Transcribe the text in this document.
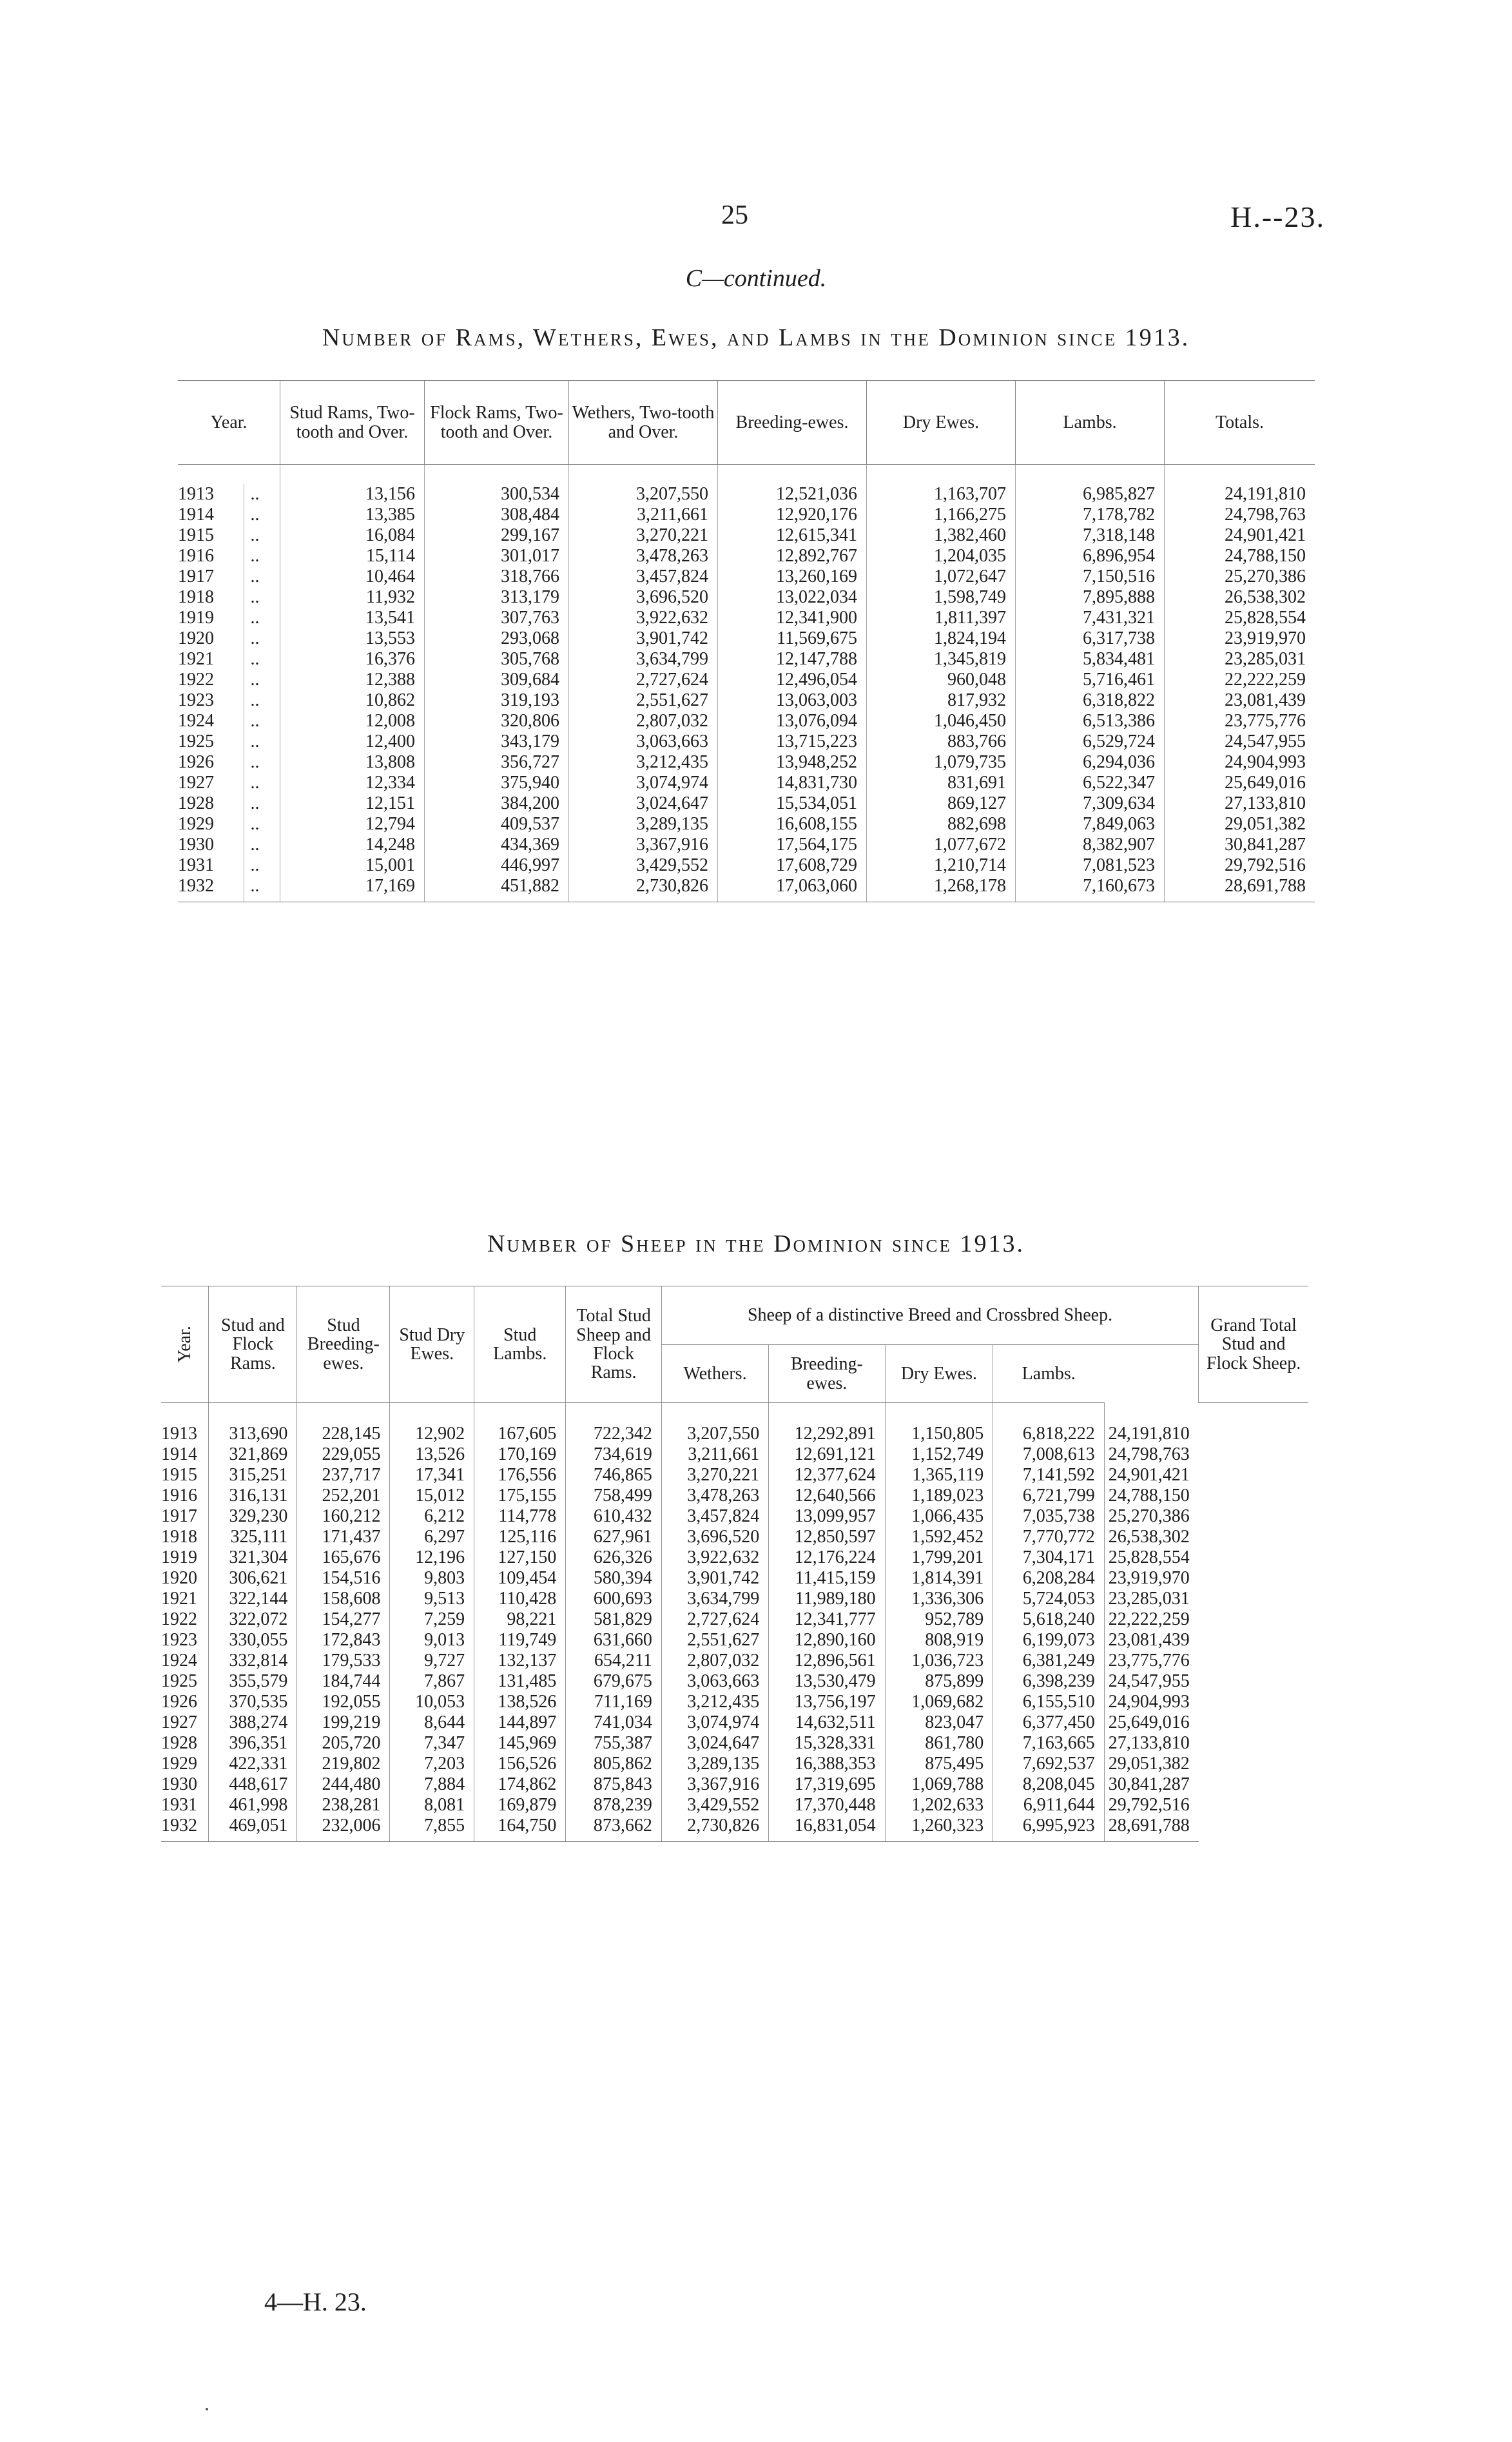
25	H.--23.
C—continued.
Number of Rams, Wethers, Ewes, and Lambs in the Dominion since 1913.
Year.		Stud Rams, Two-tooth and Over.	Flock Rams, Two-tooth and Over.	Wethers, Two-tooth and Over.	Breeding-ewes.	Dry Ewes.	Lambs.	Totals.

1913	..	13,156	300,534	3,207,550	12,521,036	1,163,707	6,985,827	24,191,810
1914	..	13,385	308,484	3,211,661	12,920,176	1,166,275	7,178,782	24,798,763
1915	..	16,084	299,167	3,270,221	12,615,341	1,382,460	7,318,148	24,901,421
1916	..	15,114	301,017	3,478,263	12,892,767	1,204,035	6,896,954	24,788,150
1917	..	10,464	318,766	3,457,824	13,260,169	1,072,647	7,150,516	25,270,386
1918	..	11,932	313,179	3,696,520	13,022,034	1,598,749	7,895,888	26,538,302
1919	..	13,541	307,763	3,922,632	12,341,900	1,811,397	7,431,321	25,828,554
1920	..	13,553	293,068	3,901,742	11,569,675	1,824,194	6,317,738	23,919,970
1921	..	16,376	305,768	3,634,799	12,147,788	1,345,819	5,834,481	23,285,031
1922	..	12,388	309,684	2,727,624	12,496,054	960,048	5,716,461	22,222,259
1923	..	10,862	319,193	2,551,627	13,063,003	817,932	6,318,822	23,081,439
1924	..	12,008	320,806	2,807,032	13,076,094	1,046,450	6,513,386	23,775,776
1925	..	12,400	343,179	3,063,663	13,715,223	883,766	6,529,724	24,547,955
1926	..	13,808	356,727	3,212,435	13,948,252	1,079,735	6,294,036	24,904,993
1927	..	12,334	375,940	3,074,974	14,831,730	831,691	6,522,347	25,649,016
1928	..	12,151	384,200	3,024,647	15,534,051	869,127	7,309,634	27,133,810
1929	..	12,794	409,537	3,289,135	16,608,155	882,698	7,849,063	29,051,382
1930	..	14,248	434,369	3,367,916	17,564,175	1,077,672	8,382,907	30,841,287
1931	..	15,001	446,997	3,429,552	17,608,729	1,210,714	7,081,523	29,792,516
1932	..	17,169	451,882	2,730,826	17,063,060	1,268,178	7,160,673	28,691,788
Number of Sheep in the Dominion since 1913.
Year.	Stud and Flock Rams.	Stud Breeding-ewes.	Stud Dry Ewes.	Stud Lambs.	Total Stud Sheep and Flock Rams.	Sheep of a distinctive Breed and Crossbred Sheep.					Grand Total Stud and Flock Sheep.
						Wethers.	Breeding-ewes.	Dry Ewes.	Lambs.		

1913	313,690	228,145	12,902	167,605	722,342	3,207,550	12,292,891	1,150,805	6,818,222	24,191,810	
1914	321,869	229,055	13,526	170,169	734,619	3,211,661	12,691,121	1,152,749	7,008,613	24,798,763	
1915	315,251	237,717	17,341	176,556	746,865	3,270,221	12,377,624	1,365,119	7,141,592	24,901,421	
1916	316,131	252,201	15,012	175,155	758,499	3,478,263	12,640,566	1,189,023	6,721,799	24,788,150	
1917	329,230	160,212	6,212	114,778	610,432	3,457,824	13,099,957	1,066,435	7,035,738	25,270,386	
1918	325,111	171,437	6,297	125,116	627,961	3,696,520	12,850,597	1,592,452	7,770,772	26,538,302	
1919	321,304	165,676	12,196	127,150	626,326	3,922,632	12,176,224	1,799,201	7,304,171	25,828,554	
1920	306,621	154,516	9,803	109,454	580,394	3,901,742	11,415,159	1,814,391	6,208,284	23,919,970	
1921	322,144	158,608	9,513	110,428	600,693	3,634,799	11,989,180	1,336,306	5,724,053	23,285,031	
1922	322,072	154,277	7,259	98,221	581,829	2,727,624	12,341,777	952,789	5,618,240	22,222,259	
1923	330,055	172,843	9,013	119,749	631,660	2,551,627	12,890,160	808,919	6,199,073	23,081,439	
1924	332,814	179,533	9,727	132,137	654,211	2,807,032	12,896,561	1,036,723	6,381,249	23,775,776	
1925	355,579	184,744	7,867	131,485	679,675	3,063,663	13,530,479	875,899	6,398,239	24,547,955	
1926	370,535	192,055	10,053	138,526	711,169	3,212,435	13,756,197	1,069,682	6,155,510	24,904,993	
1927	388,274	199,219	8,644	144,897	741,034	3,074,974	14,632,511	823,047	6,377,450	25,649,016	
1928	396,351	205,720	7,347	145,969	755,387	3,024,647	15,328,331	861,780	7,163,665	27,133,810	
1929	422,331	219,802	7,203	156,526	805,862	3,289,135	16,388,353	875,495	7,692,537	29,051,382	
1930	448,617	244,480	7,884	174,862	875,843	3,367,916	17,319,695	1,069,788	8,208,045	30,841,287	
1931	461,998	238,281	8,081	169,879	878,239	3,429,552	17,370,448	1,202,633	6,911,644	29,792,516	
1932	469,051	232,006	7,855	164,750	873,662	2,730,826	16,831,054	1,260,323	6,995,923	28,691,788	
4—H. 23.
